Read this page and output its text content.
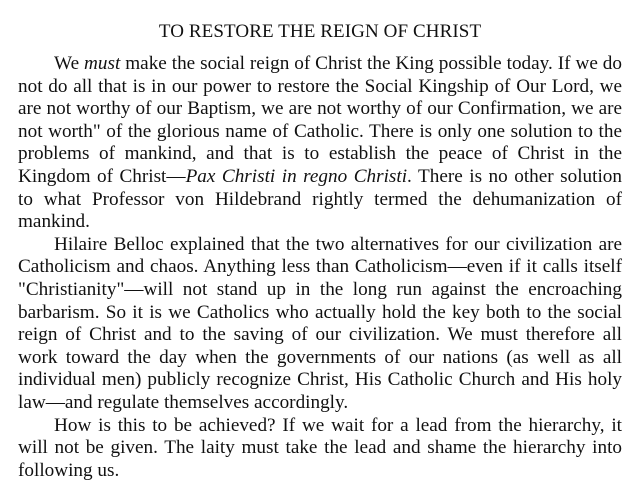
TO RESTORE THE REIGN OF CHRIST

We must make the social reign of Christ the King possible today. If we do not do all that is in our power to restore the Social Kingship of Our Lord, we are not worthy of our Baptism, we are not worthy of our Confirmation, we are not worth" of the glorious name of Catholic. There is only one solution to the problems of mankind, and that is to establish the peace of Christ in the Kingdom of Christ—Pax Christi in regno Christi. There is no other solution to what Professor von Hildebrand rightly termed the dehumanization of mankind.

Hilaire Belloc explained that the two alternatives for our civilization are Catholicism and chaos. Anything less than Catholicism—even if it calls itself "Christianity"—will not stand up in the long run against the encroaching barbarism. So it is we Catholics who actually hold the key both to the social reign of Christ and to the saving of our civilization. We must therefore all work toward the day when the governments of our nations (as well as all individual men) publicly recognize Christ, His Catholic Church and His holy law—and regulate themselves accordingly.

How is this to be achieved? If we wait for a lead from the hierarchy, it will not be given. The laity must take the lead and shame the hierarchy into following us.
